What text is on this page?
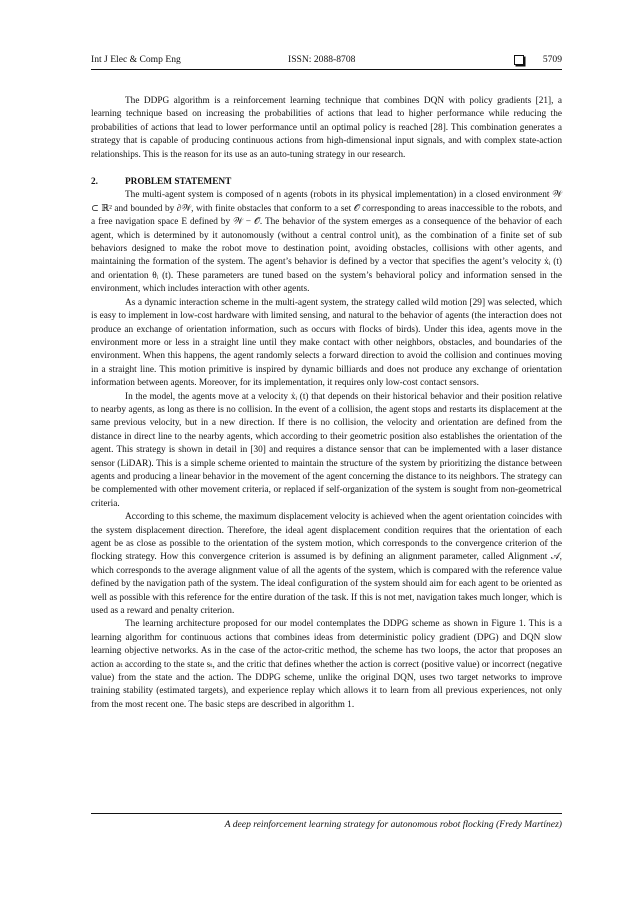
Int J Elec & Comp Eng	ISSN: 2088-8708	5709

The DDPG algorithm is a reinforcement learning technique that combines DQN with policy gradients [21], a learning technique based on increasing the probabilities of actions that lead to higher performance while reducing the probabilities of actions that lead to lower performance until an optimal policy is reached [28]. This combination generates a strategy that is capable of producing continuous actions from high-dimensional input signals, and with complex state-action relationships. This is the reason for its use as an auto-tuning strategy in our research.

2.	PROBLEM STATEMENT

The multi-agent system is composed of n agents (robots in its physical implementation) in a closed environment 𝒲 ⊂ ℝ² and bounded by ∂𝒲, with finite obstacles that conform to a set 𝒪 corresponding to areas inaccessible to the robots, and a free navigation space E defined by 𝒲 − 𝒪. The behavior of the system emerges as a consequence of the behavior of each agent, which is determined by it autonomously (without a central control unit), as the combination of a finite set of sub behaviors designed to make the robot move to destination point, avoiding obstacles, collisions with other agents, and maintaining the formation of the system. The agent’s behavior is defined by a vector that specifies the agent’s velocity ẋᵢ (t) and orientation θᵢ (t). These parameters are tuned based on the system’s behavioral policy and information sensed in the environment, which includes interaction with other agents.

As a dynamic interaction scheme in the multi-agent system, the strategy called wild motion [29] was selected, which is easy to implement in low-cost hardware with limited sensing, and natural to the behavior of agents (the interaction does not produce an exchange of orientation information, such as occurs with flocks of birds). Under this idea, agents move in the environment more or less in a straight line until they make contact with other neighbors, obstacles, and boundaries of the environment. When this happens, the agent randomly selects a forward direction to avoid the collision and continues moving in a straight line. This motion primitive is inspired by dynamic billiards and does not produce any exchange of orientation information between agents. Moreover, for its implementation, it requires only low-cost contact sensors.

In the model, the agents move at a velocity ẋᵢ (t) that depends on their historical behavior and their position relative to nearby agents, as long as there is no collision. In the event of a collision, the agent stops and restarts its displacement at the same previous velocity, but in a new direction. If there is no collision, the velocity and orientation are defined from the distance in direct line to the nearby agents, which according to their geometric position also establishes the orientation of the agent. This strategy is shown in detail in [30] and requires a distance sensor that can be implemented with a laser distance sensor (LiDAR). This is a simple scheme oriented to maintain the structure of the system by prioritizing the distance between agents and producing a linear behavior in the movement of the agent concerning the distance to its neighbors. The strategy can be complemented with other movement criteria, or replaced if self-organization of the system is sought from non-geometrical criteria.

According to this scheme, the maximum displacement velocity is achieved when the agent orientation coincides with the system displacement direction. Therefore, the ideal agent displacement condition requires that the orientation of each agent be as close as possible to the orientation of the system motion, which corresponds to the convergence criterion of the flocking strategy. How this convergence criterion is assumed is by defining an alignment parameter, called Alignment 𝒜, which corresponds to the average alignment value of all the agents of the system, which is compared with the reference value defined by the navigation path of the system. The ideal configuration of the system should aim for each agent to be oriented as well as possible with this reference for the entire duration of the task. If this is not met, navigation takes much longer, which is used as a reward and penalty criterion.

The learning architecture proposed for our model contemplates the DDPG scheme as shown in Figure 1. This is a learning algorithm for continuous actions that combines ideas from deterministic policy gradient (DPG) and DQN slow learning objective networks. As in the case of the actor-critic method, the scheme has two loops, the actor that proposes an action aₜ according to the state sₜ, and the critic that defines whether the action is correct (positive value) or incorrect (negative value) from the state and the action. The DDPG scheme, unlike the original DQN, uses two target networks to improve training stability (estimated targets), and experience replay which allows it to learn from all previous experiences, not only from the most recent one. The basic steps are described in algorithm 1.

A deep reinforcement learning strategy for autonomous robot flocking (Fredy Martínez)
